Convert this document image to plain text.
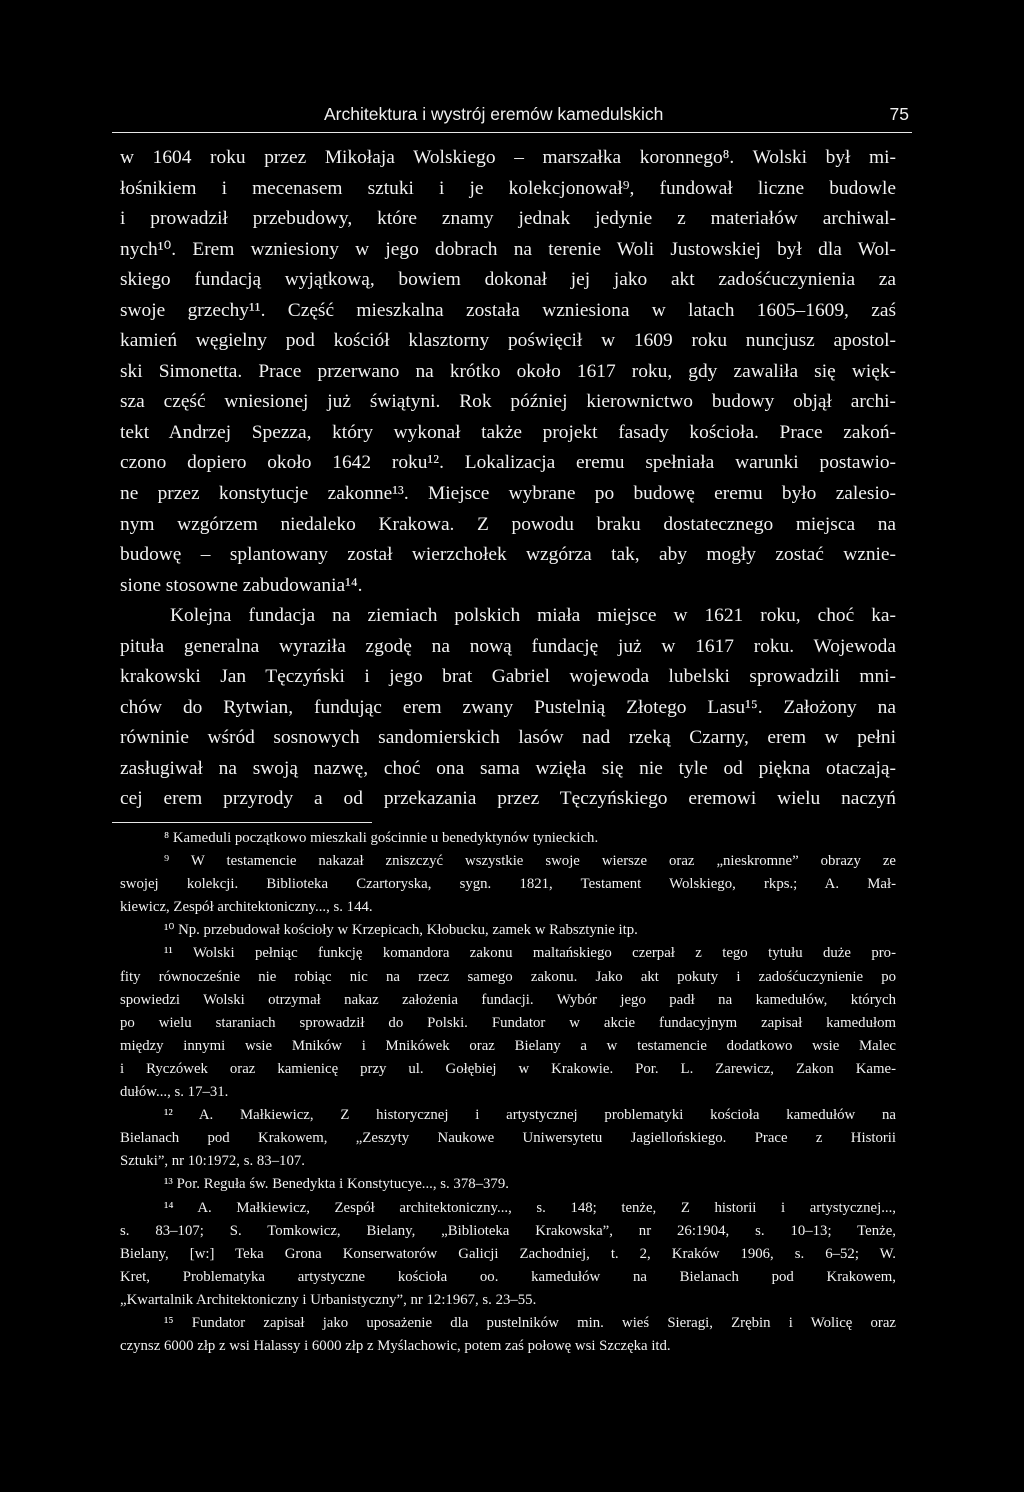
Architektura i wystrój eremów kamedulskich	75
w 1604 roku przez Mikołaja Wolskiego – marszałka koronnego⁸. Wolski był mi-
łośnikiem i mecenasem sztuki i je kolekcjonował⁹, fundował liczne budowle
i prowadził przebudowy, które znamy jednak jedynie z materiałów archiwal-
nych¹⁰. Erem wzniesiony w jego dobrach na terenie Woli Justowskiej był dla Wol-
skiego fundacją wyjątkową, bowiem dokonał jej jako akt zadośćuczynienia za
swoje grzechy¹¹. Część mieszkalna została wzniesiona w latach 1605–1609, zaś
kamień węgielny pod kościół klasztorny poświęcił w 1609 roku nuncjusz apostol-
ski Simonetta. Prace przerwano na krótko około 1617 roku, gdy zawaliła się więk-
sza część wniesionej już świątyni. Rok później kierownictwo budowy objął archi-
tekt Andrzej Spezza, który wykonał także projekt fasady kościoła. Prace zakoń-
czono dopiero około 1642 roku¹². Lokalizacja eremu spełniała warunki postawio-
ne przez konstytucje zakonne¹³. Miejsce wybrane po budowę eremu było zalesio-
nym wzgórzem niedaleko Krakowa. Z powodu braku dostatecznego miejsca na
budowę – splantowany został wierzchołek wzgórza tak, aby mogły zostać wznie-
sione stosowne zabudowania¹⁴.
Kolejna fundacja na ziemiach polskich miała miejsce w 1621 roku, choć ka-
pituła generalna wyraziła zgodę na nową fundację już w 1617 roku. Wojewoda
krakowski Jan Tęczyński i jego brat Gabriel wojewoda lubelski sprowadzili mni-
chów do Rytwian, fundując erem zwany Pustelnią Złotego Lasu¹⁵. Założony na
równinie wśród sosnowych sandomierskich lasów nad rzeką Czarny, erem w pełni
zasługiwał na swoją nazwę, choć ona sama wzięła się nie tyle od piękna otaczają-
cej erem przyrody a od przekazania przez Tęczyńskiego eremowi wielu naczyń
⁸ Kameduli początkowo mieszkali gościnnie u benedyktynów tynieckich.
⁹ W testamencie nakazał zniszczyć wszystkie swoje wiersze oraz „nieskromne” obrazy ze
swojej kolekcji. Biblioteka Czartoryska, sygn. 1821, Testament Wolskiego, rkps.; A. Mał-
kiewicz, Zespół architektoniczny..., s. 144.
¹⁰ Np. przebudował kościoły w Krzepicach, Kłobucku, zamek w Rabsztynie itp.
¹¹ Wolski pełniąc funkcję komandora zakonu maltańskiego czerpał z tego tytułu duże pro-
fity równocześnie nie robiąc nic na rzecz samego zakonu. Jako akt pokuty i zadośćuczynienie po
spowiedzi Wolski otrzymał nakaz założenia fundacji. Wybór jego padł na kamedułów, których
po wielu staraniach sprowadził do Polski. Fundator w akcie fundacyjnym zapisał kamedułom
między innymi wsie Mników i Mnikówek oraz Bielany a w testamencie dodatkowo wsie Malec
i Ryczówek oraz kamienicę przy ul. Gołębiej w Krakowie. Por. L. Zarewicz, Zakon Kame-
dułów..., s. 17–31.
¹² A. Małkiewicz, Z historycznej i artystycznej problematyki kościoła kamedułów na
Bielanach pod Krakowem, „Zeszyty Naukowe Uniwersytetu Jagiellońskiego. Prace z Historii
Sztuki”, nr 10:1972, s. 83–107.
¹³ Por. Reguła św. Benedykta i Konstytucye..., s. 378–379.
¹⁴ A. Małkiewicz, Zespół architektoniczny..., s. 148; tenże, Z historii i artystycznej...,
s. 83–107; S. Tomkowicz, Bielany, „Biblioteka Krakowska”, nr 26:1904, s. 10–13; Tenże,
Bielany, [w:] Teka Grona Konserwatorów Galicji Zachodniej, t. 2, Kraków 1906, s. 6–52; W.
Kret, Problematyka artystyczne kościoła oo. kamedułów na Bielanach pod Krakowem,
„Kwartalnik Architektoniczny i Urbanistyczny”, nr 12:1967, s. 23–55.
¹⁵ Fundator zapisał jako uposażenie dla pustelników min. wieś Sieragi, Zrębin i Wolicę oraz
czynsz 6000 złp z wsi Halassy i 6000 złp z Myślachowic, potem zaś połowę wsi Szczęka itd.
